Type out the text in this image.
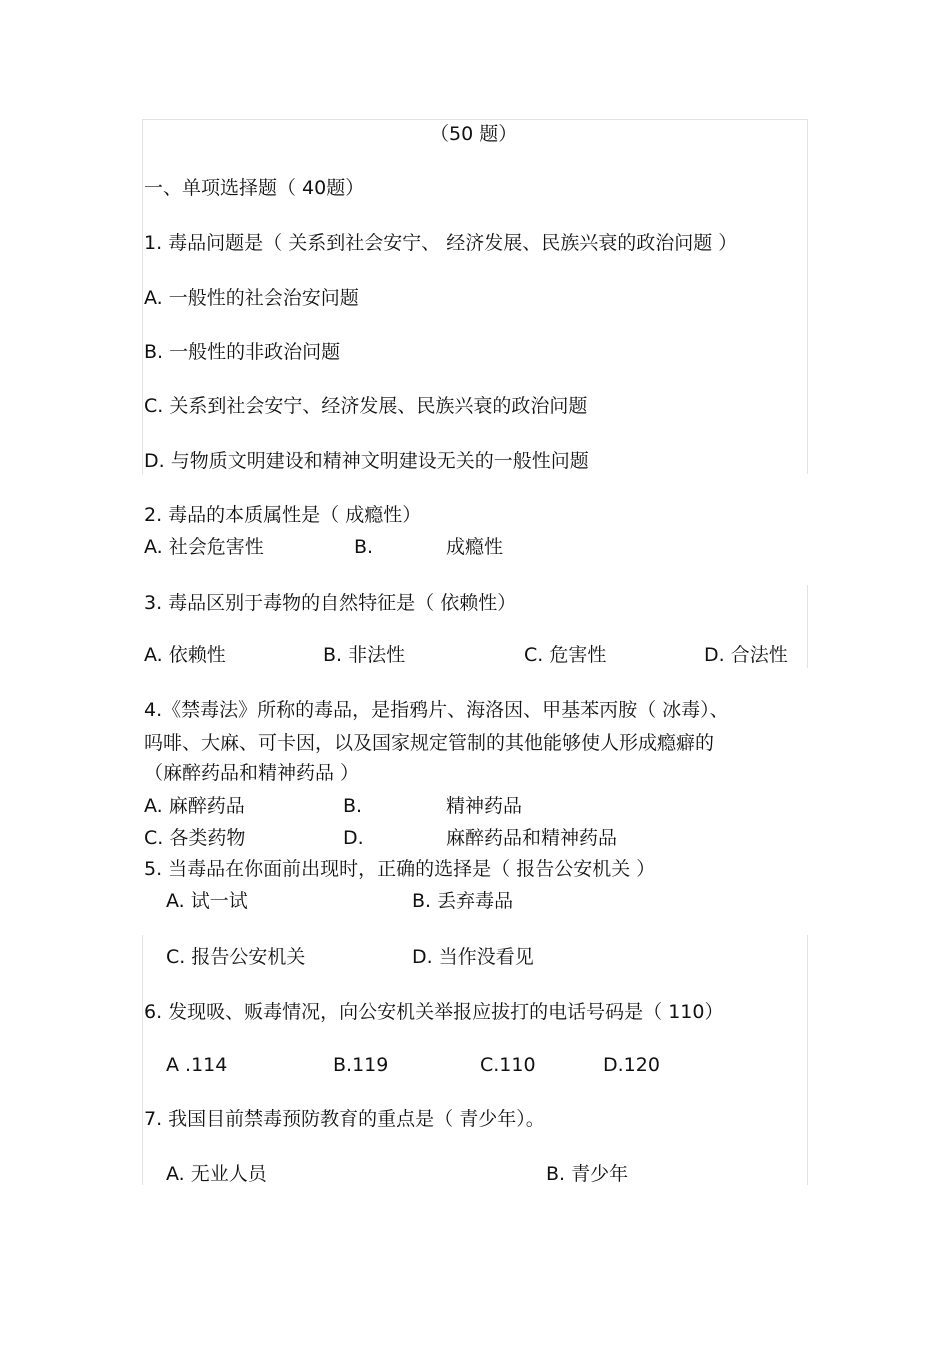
（50 题）
一、单项选择题（ 40题）
1. 毒品问题是（ 关系到社会安宁、 经济发展、民族兴衰的政治问题 ）
A. 一般性的社会治安问题
B. 一般性的非政治问题
C. 关系到社会安宁、经济发展、民族兴衰的政治问题
D. 与物质文明建设和精神文明建设无关的一般性问题
2. 毒品的本质属性是（ 成瘾性）
A. 社会危害性	B.	成瘾性
3. 毒品区别于毒物的自然特征是（ 依赖性）
A. 依赖性	B. 非法性	C. 危害性	D. 合法性
4.《禁毒法》所称的毒品，是指鸦片、海洛因、甲基苯丙胺（ 冰毒）、
吗啡、大麻、可卡因，以及国家规定管制的其他能够使人形成瘾癖的
（麻醉药品和精神药品 ）
A. 麻醉药品	B.	精神药品
C. 各类药物	D.	麻醉药品和精神药品
5. 当毒品在你面前出现时，正确的选择是（ 报告公安机关 ）
A. 试一试	B. 丢弃毒品
C. 报告公安机关	D. 当作没看见
6. 发现吸、贩毒情况，向公安机关举报应拔打的电话号码是（ 110）
A .114	B.119	C.110	D.120
7. 我国目前禁毒预防教育的重点是（ 青少年）。
A. 无业人员	B. 青少年
